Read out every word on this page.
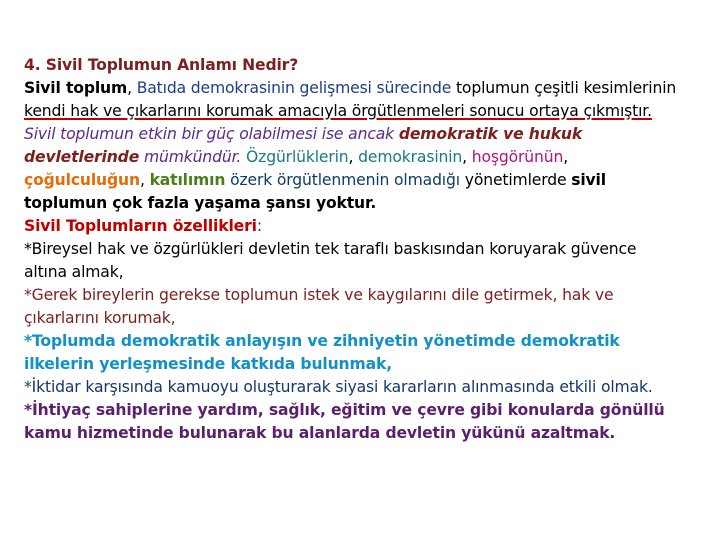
4. Sivil Toplumun Anlamı Nedir?

Sivil toplum, Batıda demokrasinin gelişmesi sürecinde toplumun çeşitli kesimlerinin kendi hak ve çıkarlarını korumak amacıyla örgütlenmeleri sonucu ortaya çıkmıştır. Sivil toplumun etkin bir güç olabilmesi ise ancak demokratik ve hukuk devletlerinde mümkündür. Özgürlüklerin, demokrasinin, hoşgörünün, çoğulculuğun, katılımın özerk örgütlenmenin olmadığı yönetimlerde sivil toplumun çok fazla yaşama şansı yoktur.

Sivil Toplumların özellikleri:

*Bireysel hak ve özgürlükleri devletin tek taraflı baskısından koruyarak güvence altına almak,

*Gerek bireylerin gerekse toplumun istek ve kaygılarını dile getirmek, hak ve çıkarlarını korumak,

*Toplumda demokratik anlayışın ve zihniyetin yönetimde demokratik ilkelerin yerleşmesinde katkıda bulunmak,

*İktidar karşısında kamuoyu oluşturarak siyasi kararların alınmasında etkili olmak.

*İhtiyaç sahiplerine yardım, sağlık, eğitim ve çevre gibi konularda gönüllü kamu hizmetinde bulunarak bu alanlarda devletin yükünü azaltmak.
